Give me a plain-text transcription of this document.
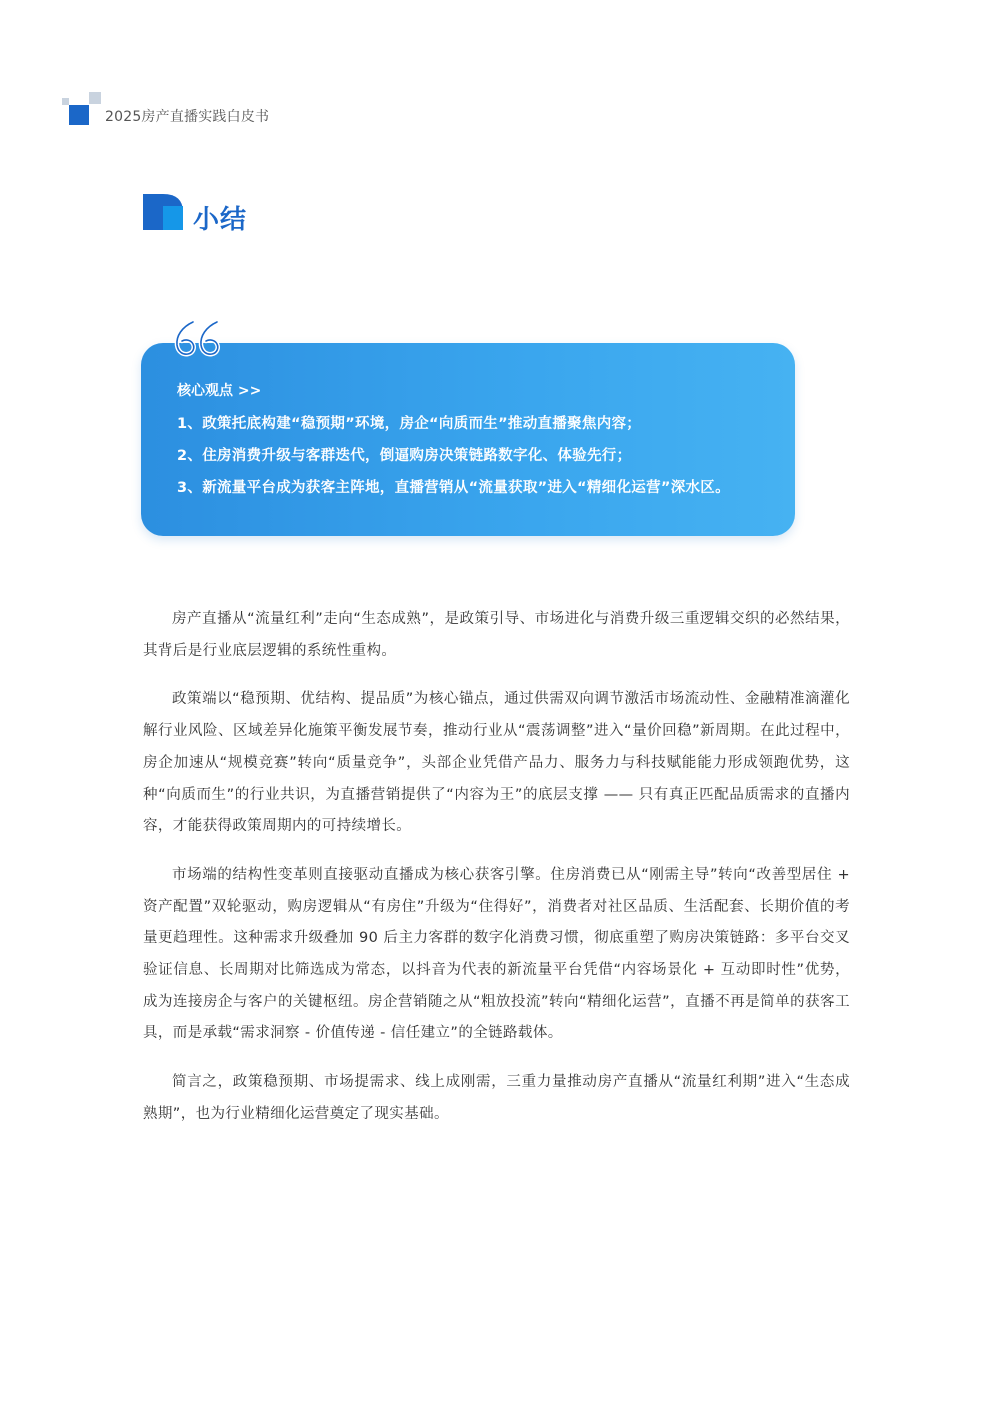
2025房产直播实践白皮书
小结
核心观点 >>
1、政策托底构建“稳预期”环境，房企“向质而生”推动直播聚焦内容；
2、住房消费升级与客群迭代，倒逼购房决策链路数字化、体验先行；
3、新流量平台成为获客主阵地，直播营销从“流量获取”进入“精细化运营”深水区。

房产直播从“流量红利”走向“生态成熟”，是政策引导、市场进化与消费升级三重逻辑交织的必然结果，其背后是行业底层逻辑的系统性重构。

政策端以“稳预期、优结构、提品质”为核心锚点，通过供需双向调节激活市场流动性、金融精准滴灌化解行业风险、区域差异化施策平衡发展节奏，推动行业从“震荡调整”进入“量价回稳”新周期。在此过程中，房企加速从“规模竞赛”转向“质量竞争”，头部企业凭借产品力、服务力与科技赋能能力形成领跑优势，这种“向质而生”的行业共识，为直播营销提供了“内容为王”的底层支撑 —— 只有真正匹配品质需求的直播内容，才能获得政策周期内的可持续增长。

市场端的结构性变革则直接驱动直播成为核心获客引擎。住房消费已从“刚需主导”转向“改善型居住 + 资产配置”双轮驱动，购房逻辑从“有房住”升级为“住得好”，消费者对社区品质、生活配套、长期价值的考量更趋理性。这种需求升级叠加 90 后主力客群的数字化消费习惯，彻底重塑了购房决策链路：多平台交叉验证信息、长周期对比筛选成为常态，以抖音为代表的新流量平台凭借“内容场景化 + 互动即时性”优势，成为连接房企与客户的关键枢纽。房企营销随之从“粗放投流”转向“精细化运营”，直播不再是简单的获客工具，而是承载“需求洞察 - 价值传递 - 信任建立”的全链路载体。

简言之，政策稳预期、市场提需求、线上成刚需，三重力量推动房产直播从“流量红利期”进入“生态成熟期”，也为行业精细化运营奠定了现实基础。
